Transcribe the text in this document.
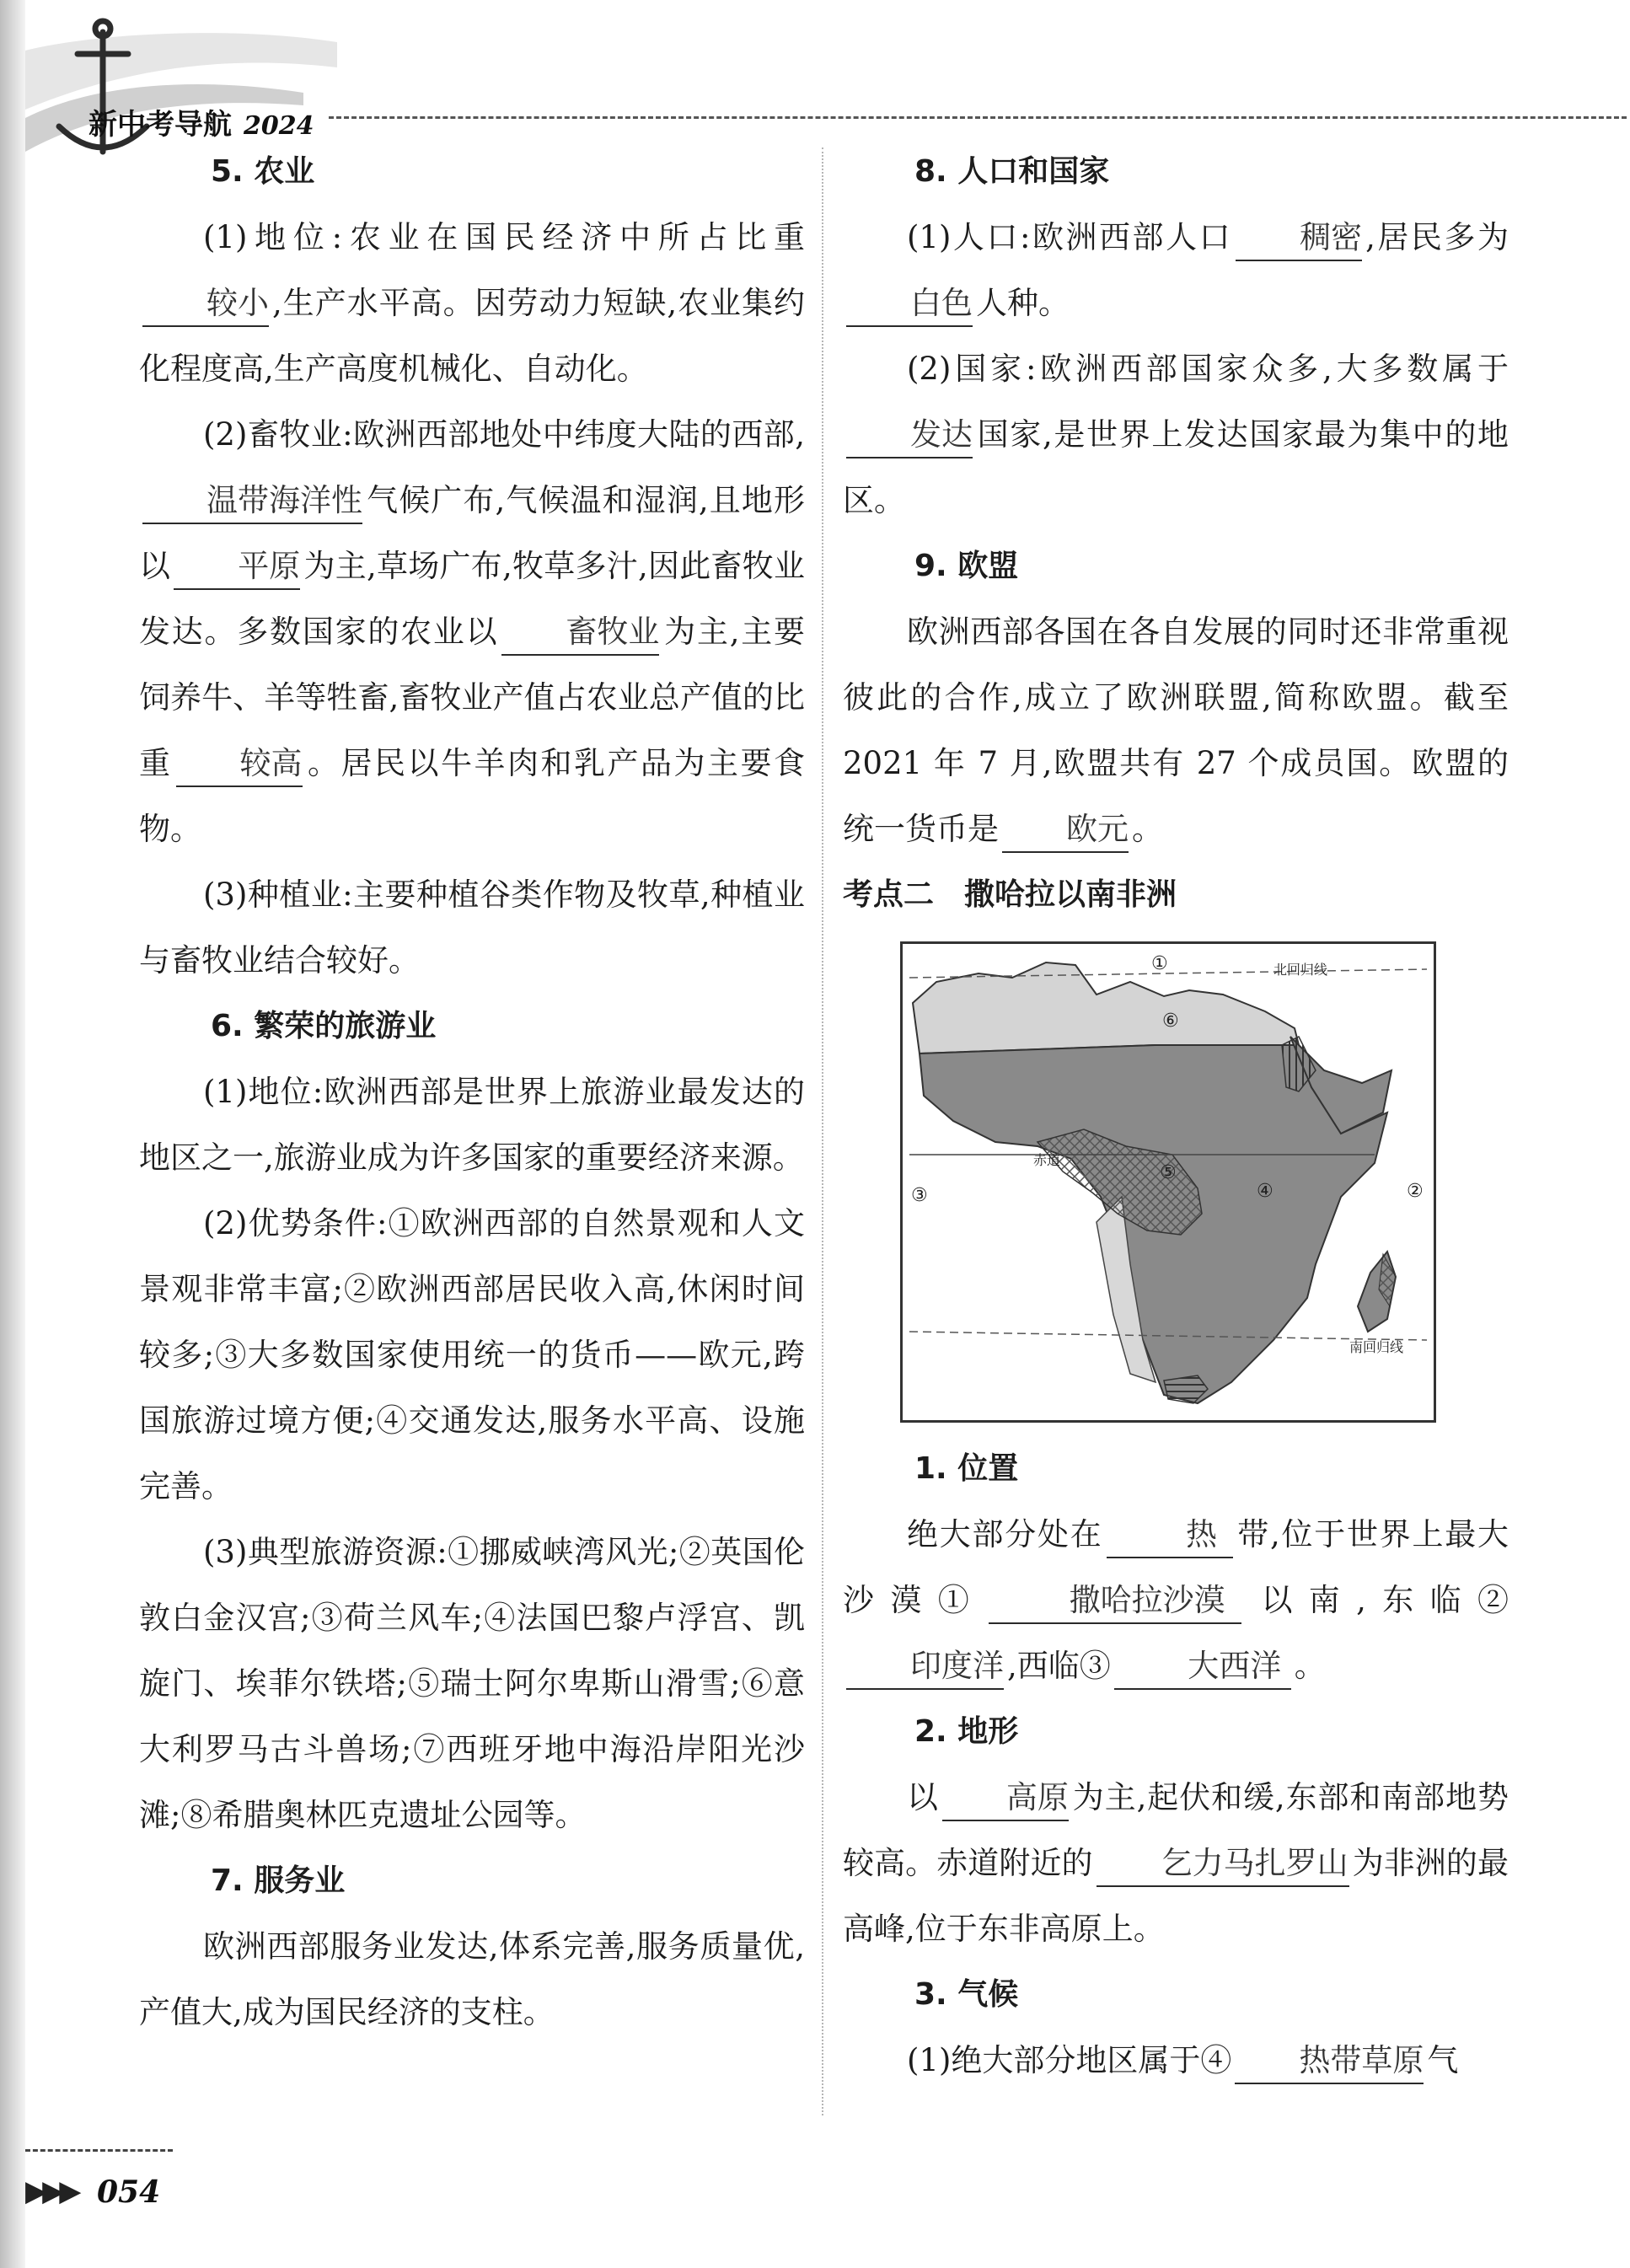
新中考导航 2024
5. 农业

(1)地位:农业在国民经济中所占比重较小 ,生产水平高。因劳动力短缺,农业集约化程度高,生产高度机械化、自动化。

(2)畜牧业:欧洲西部地处中纬度大陆的西部,温带海洋性 气候广布,气候温和湿润,且地形以 平原 为主,草场广布,牧草多汁,因此畜牧业发达。多数国家的农业以 畜牧业 为主,主要饲养牛、羊等牲畜,畜牧业产值占农业总产值的比重 较高 。居民以牛羊肉和乳产品为主要食物。

(3)种植业:主要种植谷类作物及牧草,种植业与畜牧业结合较好。

6. 繁荣的旅游业

(1)地位:欧洲西部是世界上旅游业最发达的地区之一,旅游业成为许多国家的重要经济来源。

(2)优势条件:①欧洲西部的自然景观和人文景观非常丰富;②欧洲西部居民收入高,休闲时间较多;③大多数国家使用统一的货币——欧元,跨国旅游过境方便;④交通发达,服务水平高、设施完善。

(3)典型旅游资源:①挪威峡湾风光;②英国伦敦白金汉宫;③荷兰风车;④法国巴黎卢浮宫、凯旋门、埃菲尔铁塔;⑤瑞士阿尔卑斯山滑雪;⑥意大利罗马古斗兽场;⑦西班牙地中海沿岸阳光沙滩;⑧希腊奥林匹克遗址公园等。

7. 服务业

欧洲西部服务业发达,体系完善,服务质量优,产值大,成为国民经济的支柱。

8. 人口和国家

(1)人口:欧洲西部人口 稠密 ,居民多为白色 人种。

(2)国家:欧洲西部国家众多,大多数属于发达 国家,是世界上发达国家最为集中的地区。

9. 欧盟

欧洲西部各国在各自发展的同时还非常重视彼此的合作,成立了欧洲联盟,简称欧盟。截至 2021 年 7 月,欧盟共有 27 个成员国。欧盟的统一货币是 欧元 。

考点二　撒哈拉以南非洲
北回归线
南回归线
赤道
①
②
③	④
⑤
⑥
1. 位置

绝大部分处在	热 带,位于世界上最大沙漠①	撒哈拉沙漠 以南,东临②印度洋 ,西临③ 大西洋 。

2. 地形

以 高原 为主,起伏和缓,东部和南部地势较高。赤道附近的 乞力马扎罗山 为非洲的最高峰,位于东非高原上。

3. 气候

(1)绝大部分地区属于④ 热带草原 气

▶▶▶ 054
